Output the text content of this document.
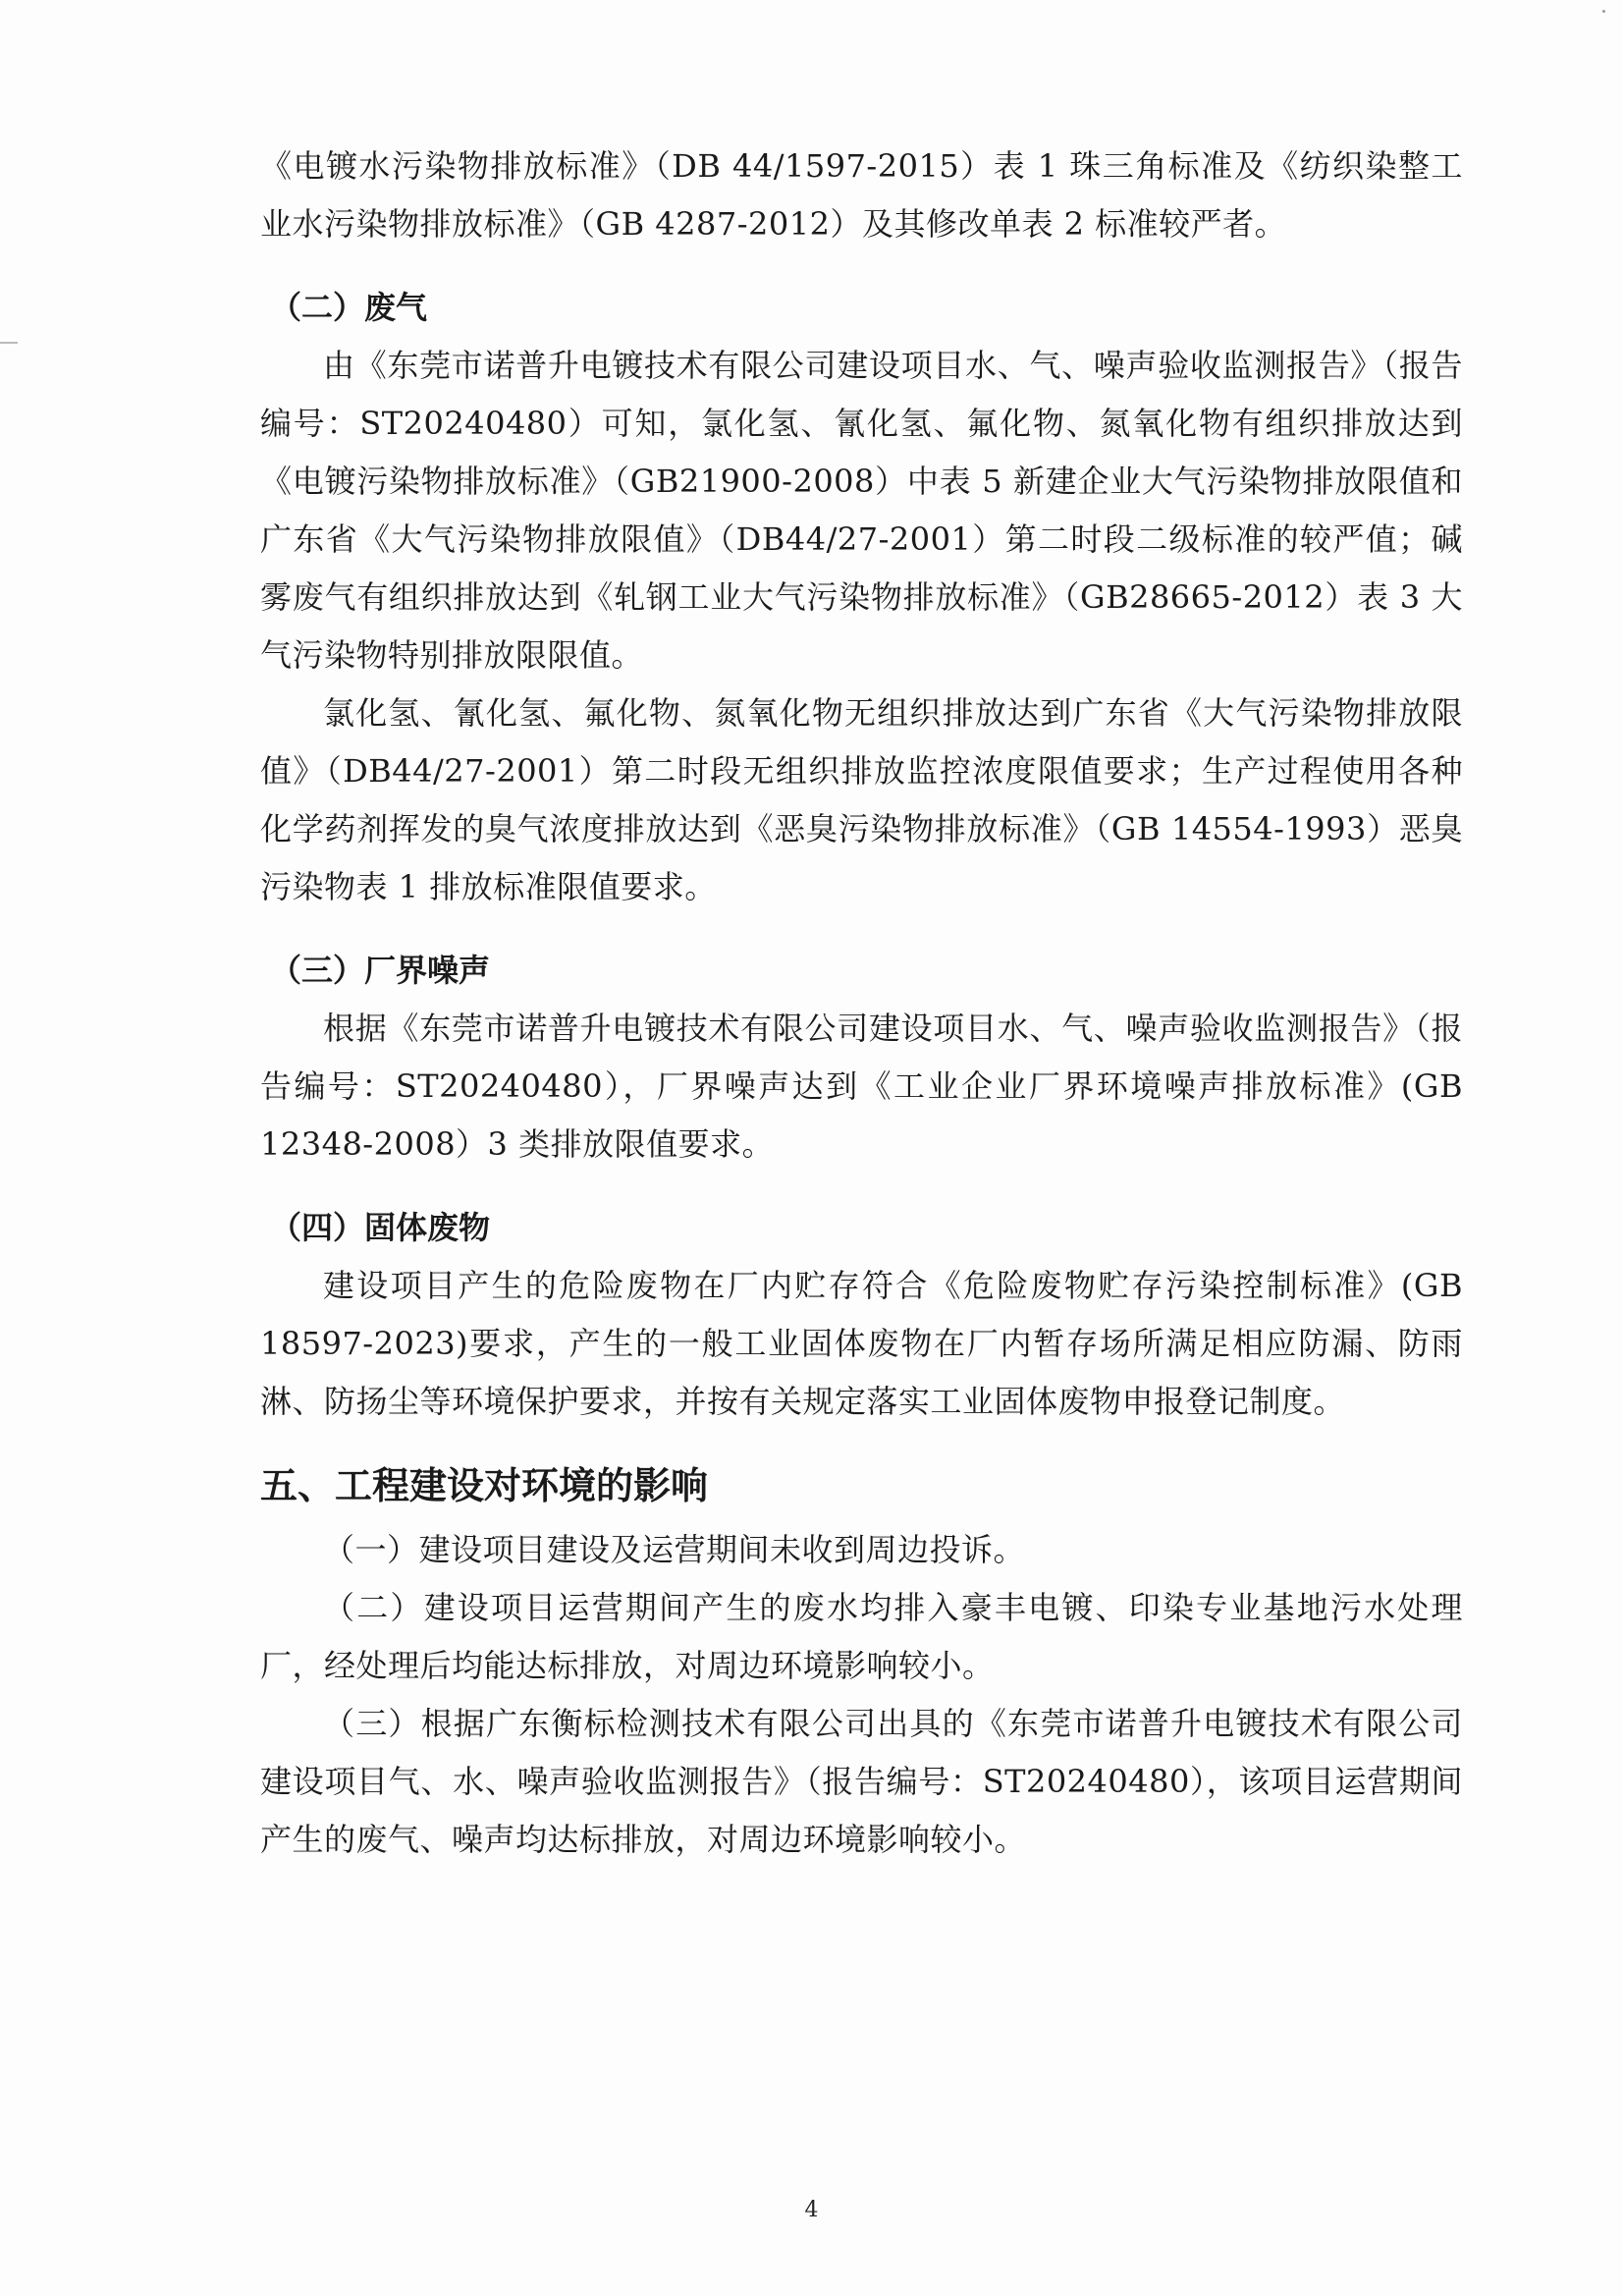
《电镀水污染物排放标准》（DB 44/1597-2015）表 1 珠三角标准及《纺织染整工业水污染物排放标准》（GB 4287-2012）及其修改单表 2 标准较严者。

（二）废气

由《东莞市诺普升电镀技术有限公司建设项目水、气、噪声验收监测报告》（报告编号：ST20240480）可知，氯化氢、氰化氢、氟化物、氮氧化物有组织排放达到《电镀污染物排放标准》（GB21900-2008）中表 5 新建企业大气污染物排放限值和广东省《大气污染物排放限值》（DB44/27-2001）第二时段二级标准的较严值；碱雾废气有组织排放达到《轧钢工业大气污染物排放标准》（GB28665-2012）表 3 大气污染物特别排放限限值。

氯化氢、氰化氢、氟化物、氮氧化物无组织排放达到广东省《大气污染物排放限值》（DB44/27-2001）第二时段无组织排放监控浓度限值要求；生产过程使用各种化学药剂挥发的臭气浓度排放达到《恶臭污染物排放标准》（GB 14554-1993）恶臭污染物表 1 排放标准限值要求。

（三）厂界噪声

根据《东莞市诺普升电镀技术有限公司建设项目水、气、噪声验收监测报告》（报告编号：ST20240480），厂界噪声达到《工业企业厂界环境噪声排放标准》(GB 12348-2008）3 类排放限值要求。

（四）固体废物

建设项目产生的危险废物在厂内贮存符合《危险废物贮存污染控制标准》(GB 18597-2023)要求，产生的一般工业固体废物在厂内暂存场所满足相应防漏、防雨淋、防扬尘等环境保护要求，并按有关规定落实工业固体废物申报登记制度。

五、工程建设对环境的影响

（一）建设项目建设及运营期间未收到周边投诉。

（二）建设项目运营期间产生的废水均排入豪丰电镀、印染专业基地污水处理厂，经处理后均能达标排放，对周边环境影响较小。

（三）根据广东衡标检测技术有限公司出具的《东莞市诺普升电镀技术有限公司建设项目气、水、噪声验收监测报告》（报告编号：ST20240480），该项目运营期间产生的废气、噪声均达标排放，对周边环境影响较小。

4
